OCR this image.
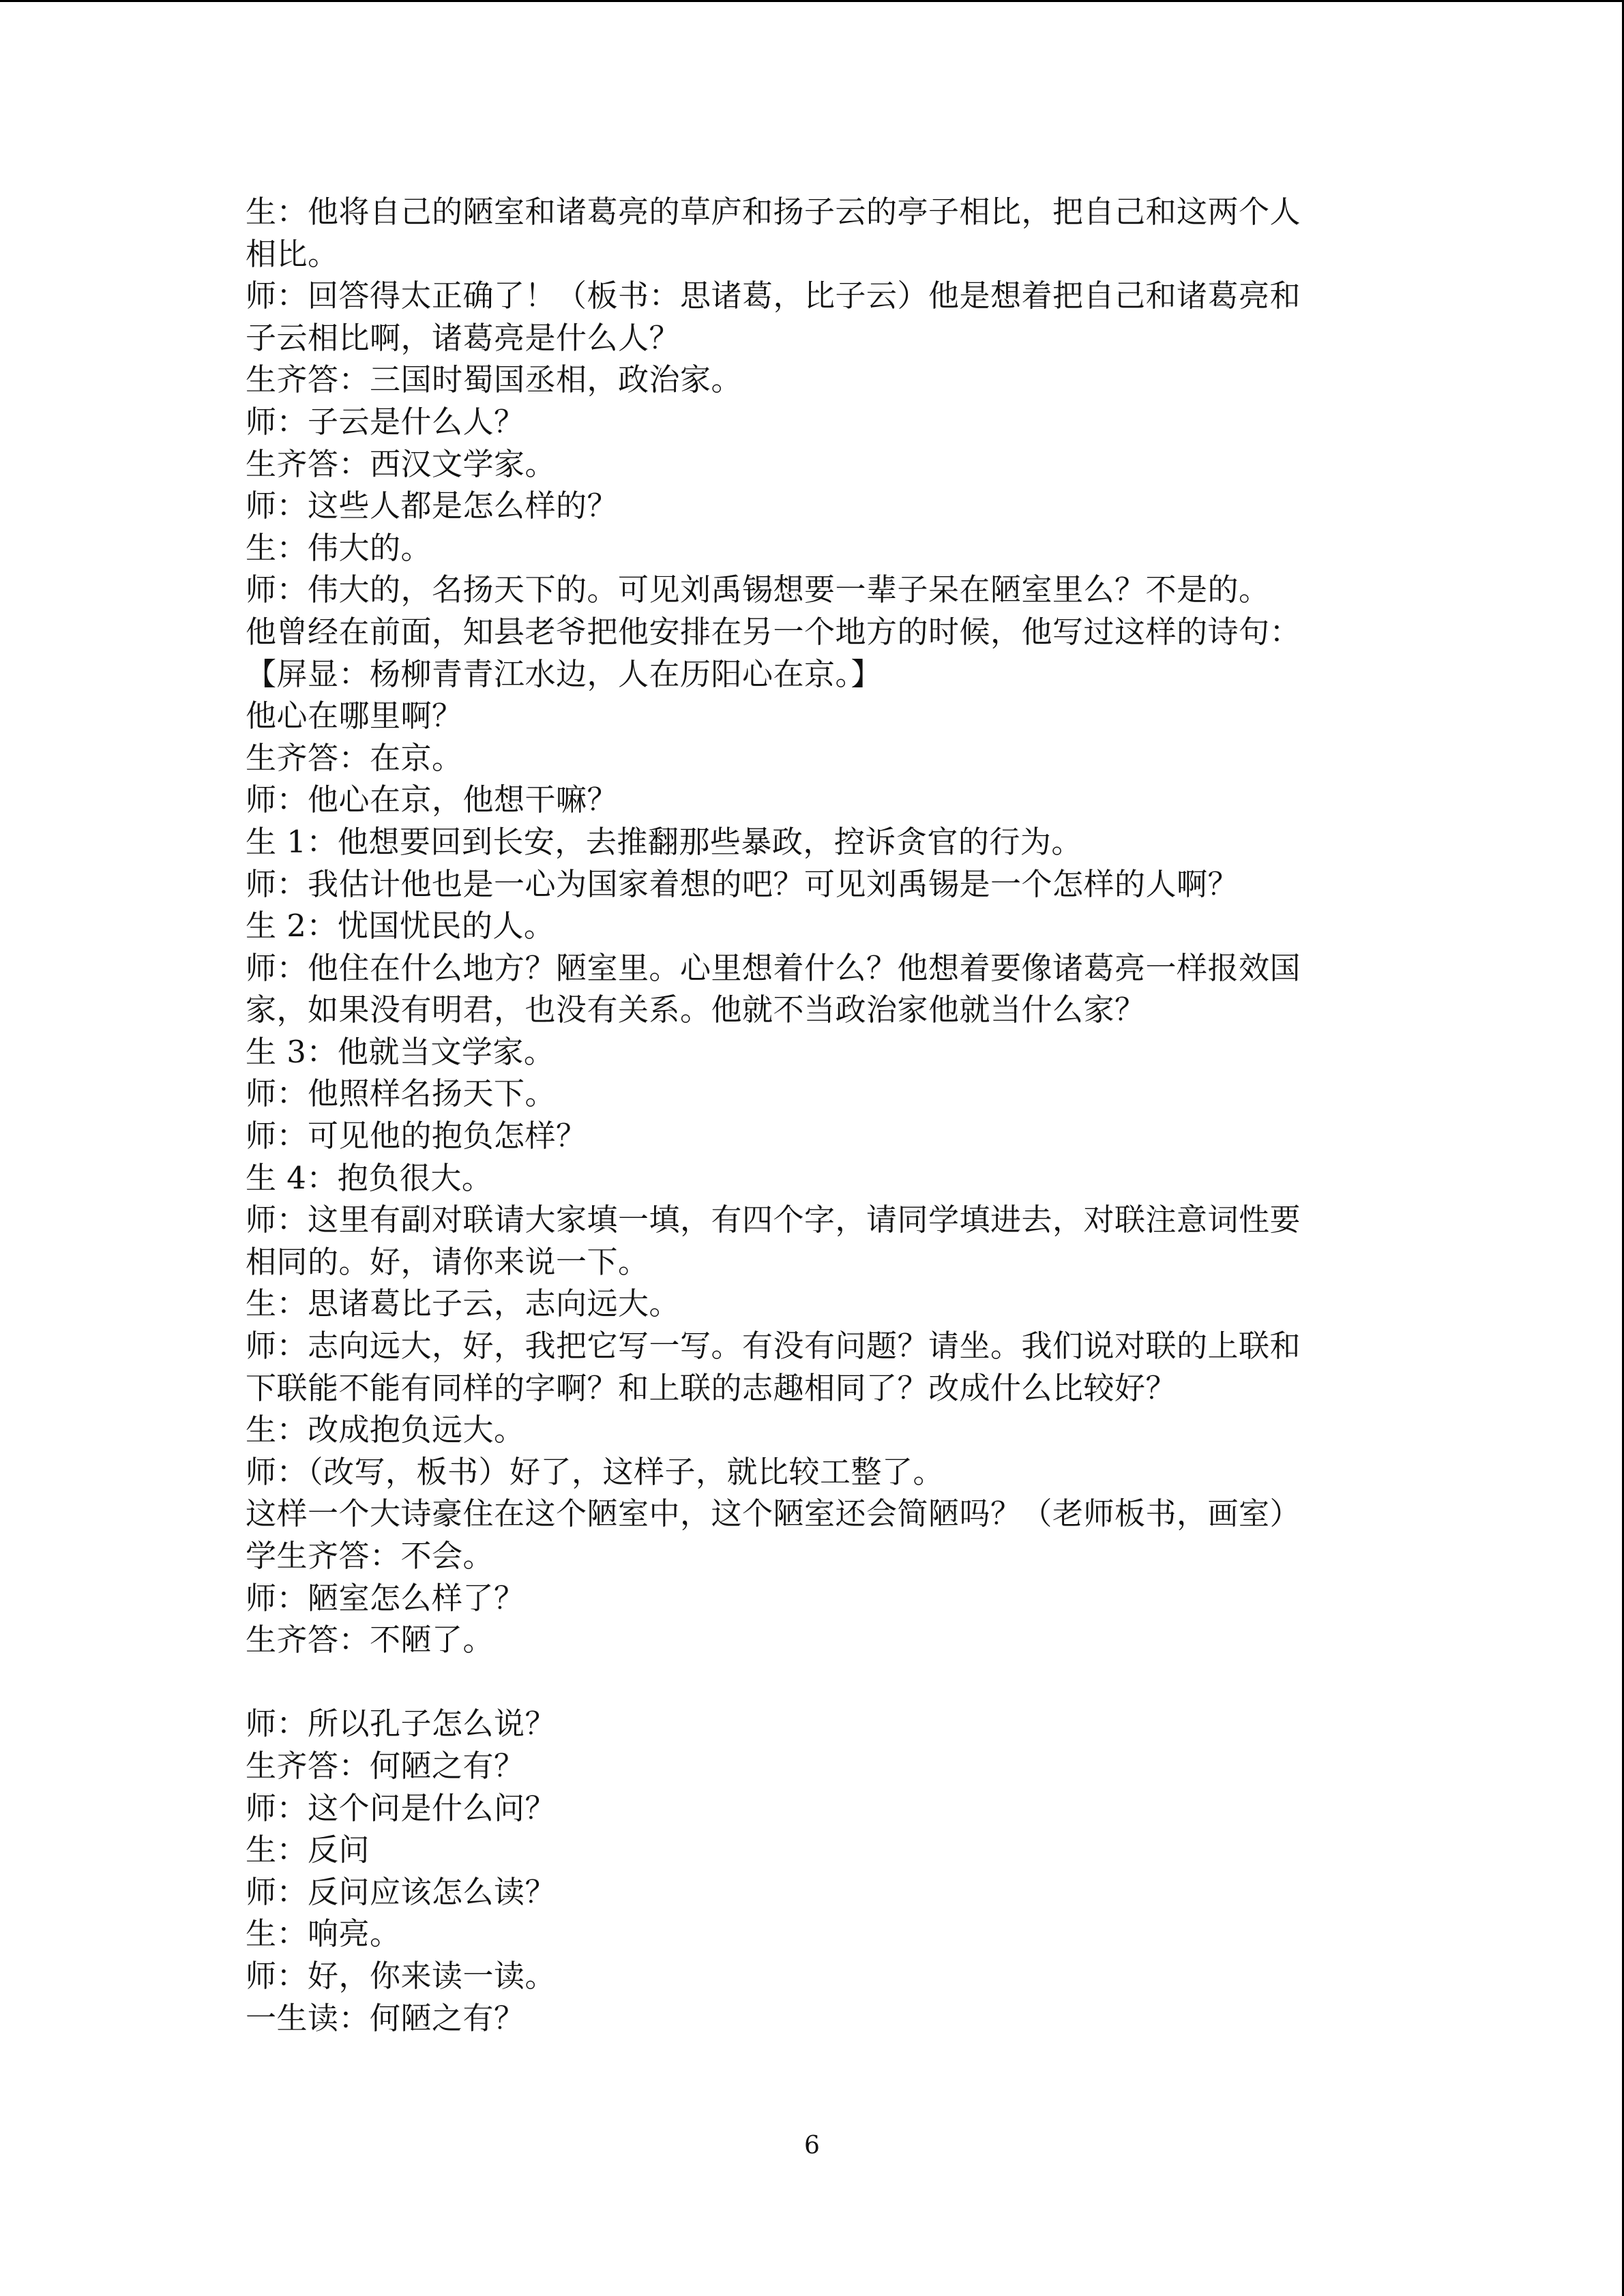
生：他将自己的陋室和诸葛亮的草庐和扬子云的亭子相比，把自己和这两个人
相比。
师：回答得太正确了！（板书：思诸葛，比子云）他是想着把自己和诸葛亮和
子云相比啊，诸葛亮是什么人？
生齐答：三国时蜀国丞相，政治家。
师：子云是什么人？
生齐答：西汉文学家。
师：这些人都是怎么样的？
生：伟大的。
师：伟大的，名扬天下的。可见刘禹锡想要一辈子呆在陋室里么？不是的。
他曾经在前面，知县老爷把他安排在另一个地方的时候，他写过这样的诗句：
【屏显：杨柳青青江水边，人在历阳心在京。】
他心在哪里啊？
生齐答：在京。
师：他心在京，他想干嘛？
生 1：他想要回到长安，去推翻那些暴政，控诉贪官的行为。
师：我估计他也是一心为国家着想的吧？可见刘禹锡是一个怎样的人啊？
生 2：忧国忧民的人。
师：他住在什么地方？陋室里。心里想着什么？他想着要像诸葛亮一样报效国
家，如果没有明君，也没有关系。他就不当政治家他就当什么家？
生 3：他就当文学家。
师：他照样名扬天下。
师：可见他的抱负怎样？
生 4：抱负很大。
师：这里有副对联请大家填一填，有四个字，请同学填进去，对联注意词性要
相同的。好，请你来说一下。
生：思诸葛比子云，志向远大。
师：志向远大，好，我把它写一写。有没有问题？请坐。我们说对联的上联和
下联能不能有同样的字啊？和上联的志趣相同了？改成什么比较好？
生：改成抱负远大。
师：（改写，板书）好了，这样子，就比较工整了。
这样一个大诗豪住在这个陋室中，这个陋室还会简陋吗？（老师板书，画室）
学生齐答：不会。
师：陋室怎么样了？
生齐答：不陋了。
师：所以孔子怎么说？
生齐答：何陋之有？
师：这个问是什么问？
生：反问
师：反问应该怎么读？
生：响亮。
师：好，你来读一读。
一生读：何陋之有？
6
